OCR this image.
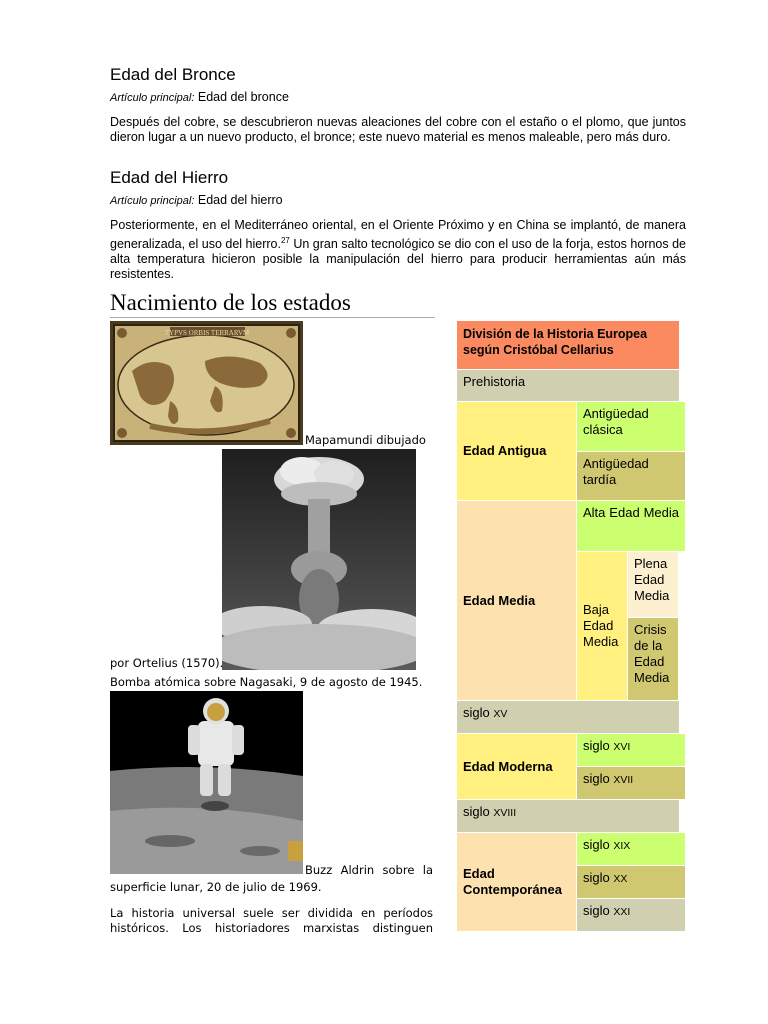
Edad del Bronce
Artículo principal: Edad del bronce
Después del cobre, se descubrieron nuevas aleaciones del cobre con el estaño o el plomo, que juntos dieron lugar a un nuevo producto, el bronce; este nuevo material es menos maleable, pero más duro.
Edad del Hierro
Artículo principal: Edad del hierro
Posteriormente, en el Mediterráneo oriental, en el Oriente Próximo y en China se implantó, de manera generalizada, el uso del hierro.$^{27}$ Un gran salto tecnológico se dio con el uso de la forja, estos hornos de alta temperatura hicieron posible la manipulación del hierro para producir herramientas aún más resistentes.
Nacimiento de los estados
TYPVS ORBIS TERRARVM
Mapamundi dibujado
por Ortelius (1570).
Bomba atómica sobre Nagasaki, 9 de agosto de 1945.
Buzz Aldrin sobre la
superficie lunar, 20 de julio de 1969.
La historia universal suele ser dividida en períodos históricos. Los historiadores marxistas distinguen
División de la Historia Europea según Cristóbal Cellarius
Prehistoria
Edad Antigua
Antigüedad clásica
Antigüedad tardía
Edad Media
Alta Edad Media
Baja Edad Media
Plena Edad Media
Crisis de la Edad Media
siglo XV
Edad Moderna
siglo XVI
siglo XVII
siglo XVIII
Edad Contemporánea
siglo XIX
siglo XX
siglo XXI
